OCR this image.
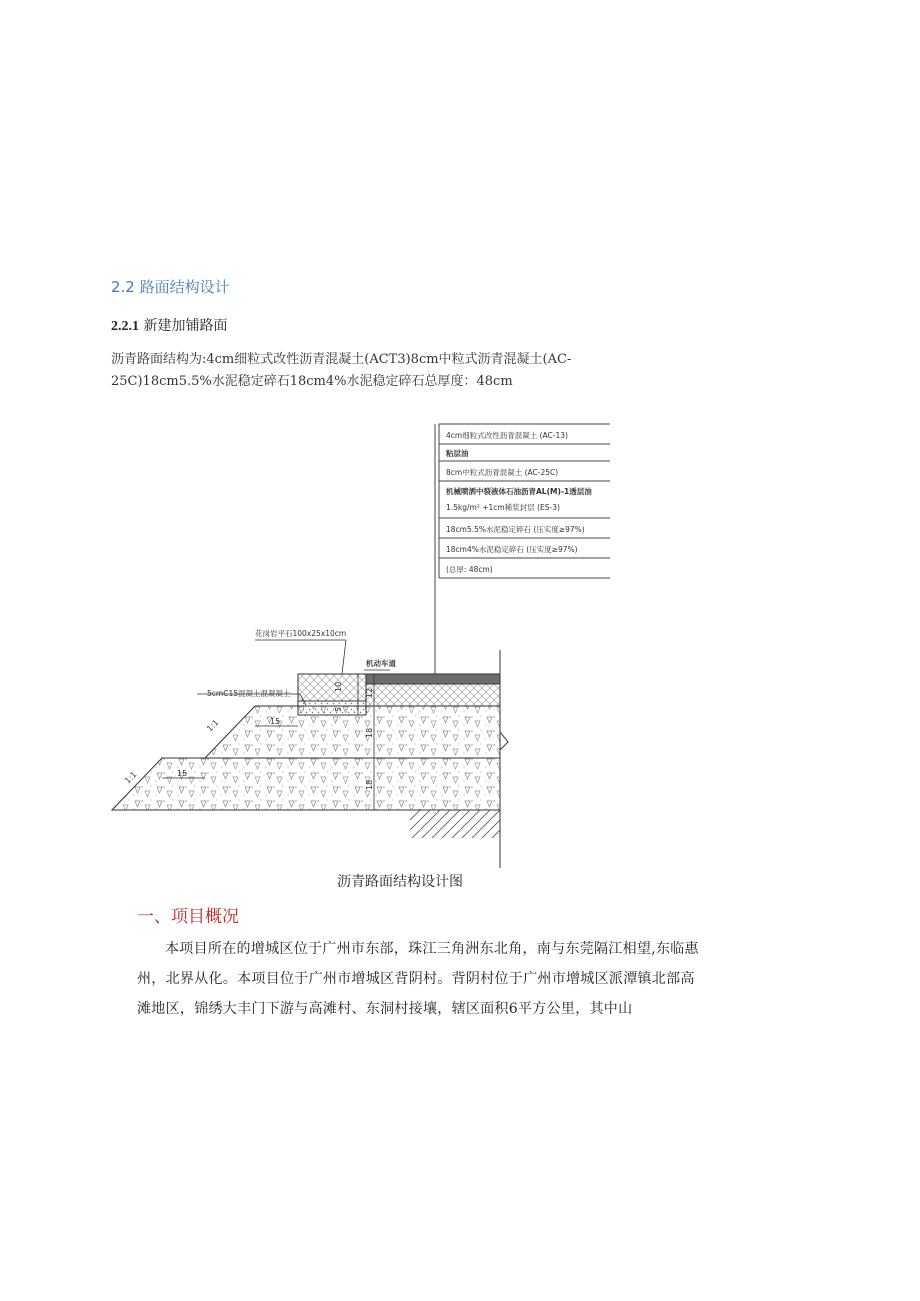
2.2 路面结构设计
2.2.1 新建加铺路面
沥青路面结构为:4cm细粒式改性沥青混凝土(ACT3)8cm中粒式沥青混凝土(AC-25C)18cm5.5%水泥稳定碎石18cm4%水泥稳定碎石总厚度：48cm
4cm细粒式改性沥青混凝土 (AC-13)
粘层油
8cm中粒式沥青混凝土 (AC-25C)
机械喷洒中裂液体石油沥青AL(M)-1透层油
1.5kg/m² +1cm稀浆封层 (ES-3)
18cm5.5%水泥稳定碎石 (压实度≥97%)
18cm4%水泥稳定碎石 (压实度≥97%)
(总厚: 48cm)
花岗岩平石100x25x10cm
5cmC15混凝土混凝凝土
机动车道
1:1
1:1
15
15
10
5
12
18
18
沥青路面结构设计图
一、项目概况
本项目所在的增城区位于广州市东部，珠江三角洲东北角，南与东莞隔江相望,东临惠州，北界从化。本项目位于广州市增城区背阴村。背阴村位于广州市增城区派潭镇北部高滩地区，锦绣大丰门下游与高滩村、东洞村接壤，辖区面积6平方公里，其中山
